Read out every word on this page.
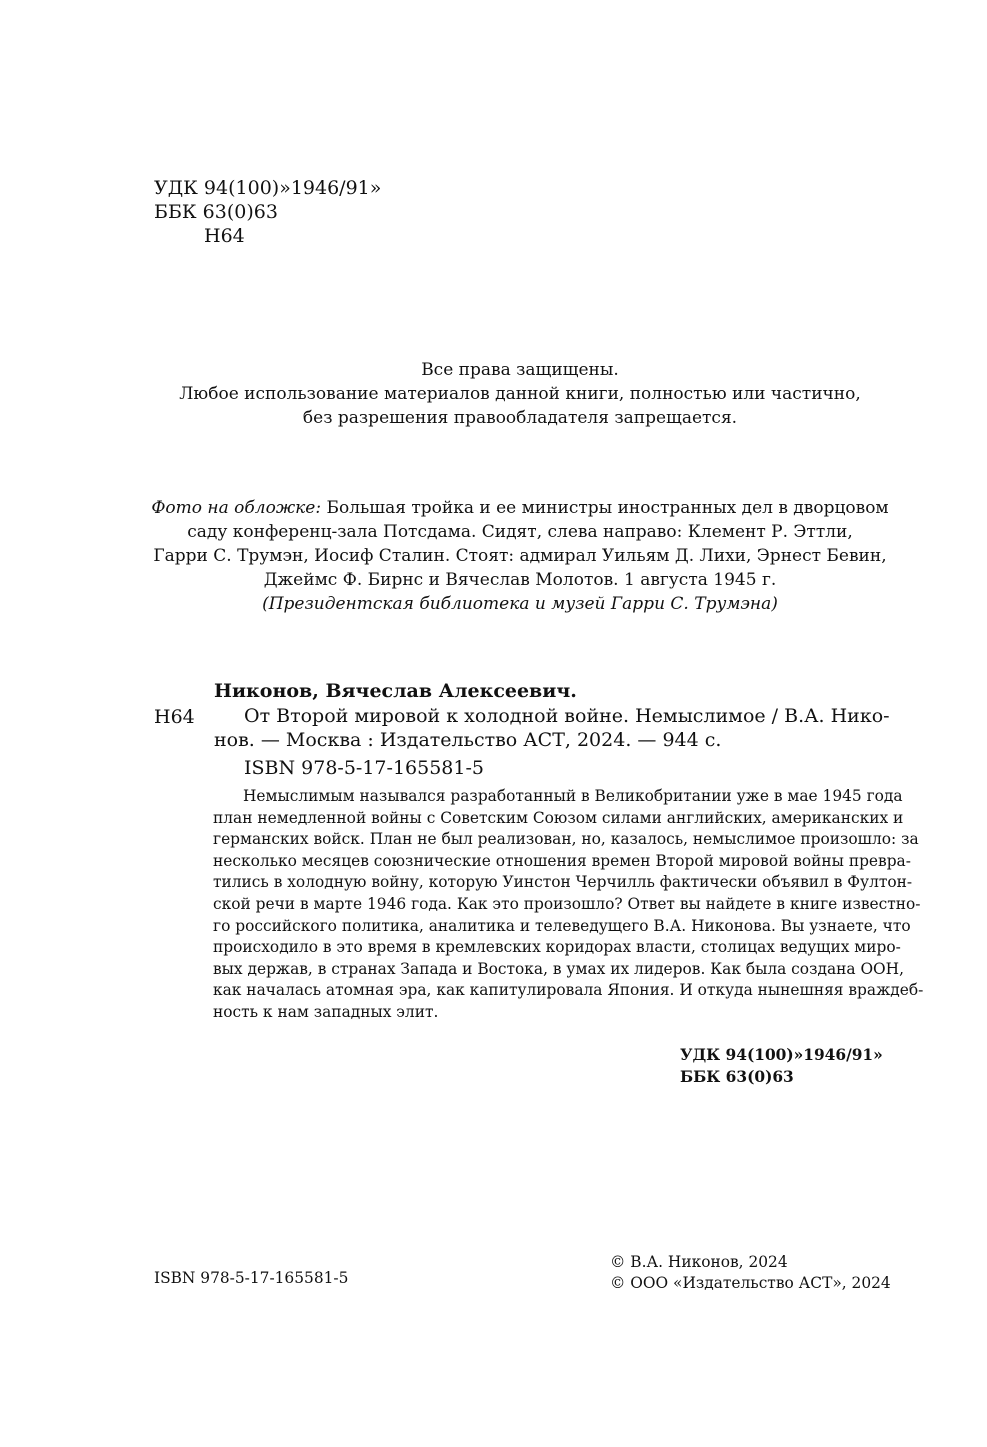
УДК 94(100)»1946/91»
ББК 63(0)63
Н64
Все права защищены.
Любое использование материалов данной книги, полностью или частично,
без разрешения правообладателя запрещается.
Фото на обложке: Большая тройка и ее министры иностранных дел в дворцовом
саду конференц-зала Потсдама. Сидят, слева направо: Клемент Р. Эттли,
Гарри С. Трумэн, Иосиф Сталин. Стоят: адмирал Уильям Д. Лихи, Эрнест Бевин,
Джеймс Ф. Бирнс и Вячеслав Молотов. 1 августа 1945 г.
(Президентская библиотека и музей Гарри С. Трумэна)
Никонов, Вячеслав Алексеевич.
Н64	От Второй мировой к холодной войне. Немыслимое / В.А. Нико-
нов. — Москва : Издательство АСТ, 2024. — 944 с.
ISBN 978-5-17-165581-5
Немыслимым назывался разработанный в Великобритании уже в мае 1945 года
план немедленной войны с Советским Союзом силами английских, американских и
германских войск. План не был реализован, но, казалось, немыслимое произошло: за
несколько месяцев союзнические отношения времен Второй мировой войны превра-
тились в холодную войну, которую Уинстон Черчилль фактически объявил в Фултон-
ской речи в марте 1946 года. Как это произошло? Ответ вы найдете в книге известно-
го российского политика, аналитика и телеведущего В.А. Никонова. Вы узнаете, что
происходило в это время в кремлевских коридорах власти, столицах ведущих миро-
вых держав, в странах Запада и Востока, в умах их лидеров. Как была создана ООН,
как началась атомная эра, как капитулировала Япония. И откуда нынешняя враждеб-
ность к нам западных элит.
УДК 94(100)»1946/91»
ББК 63(0)63
ISBN 978-5-17-165581-5
© В.А. Никонов, 2024
© ООО «Издательство АСТ», 2024
